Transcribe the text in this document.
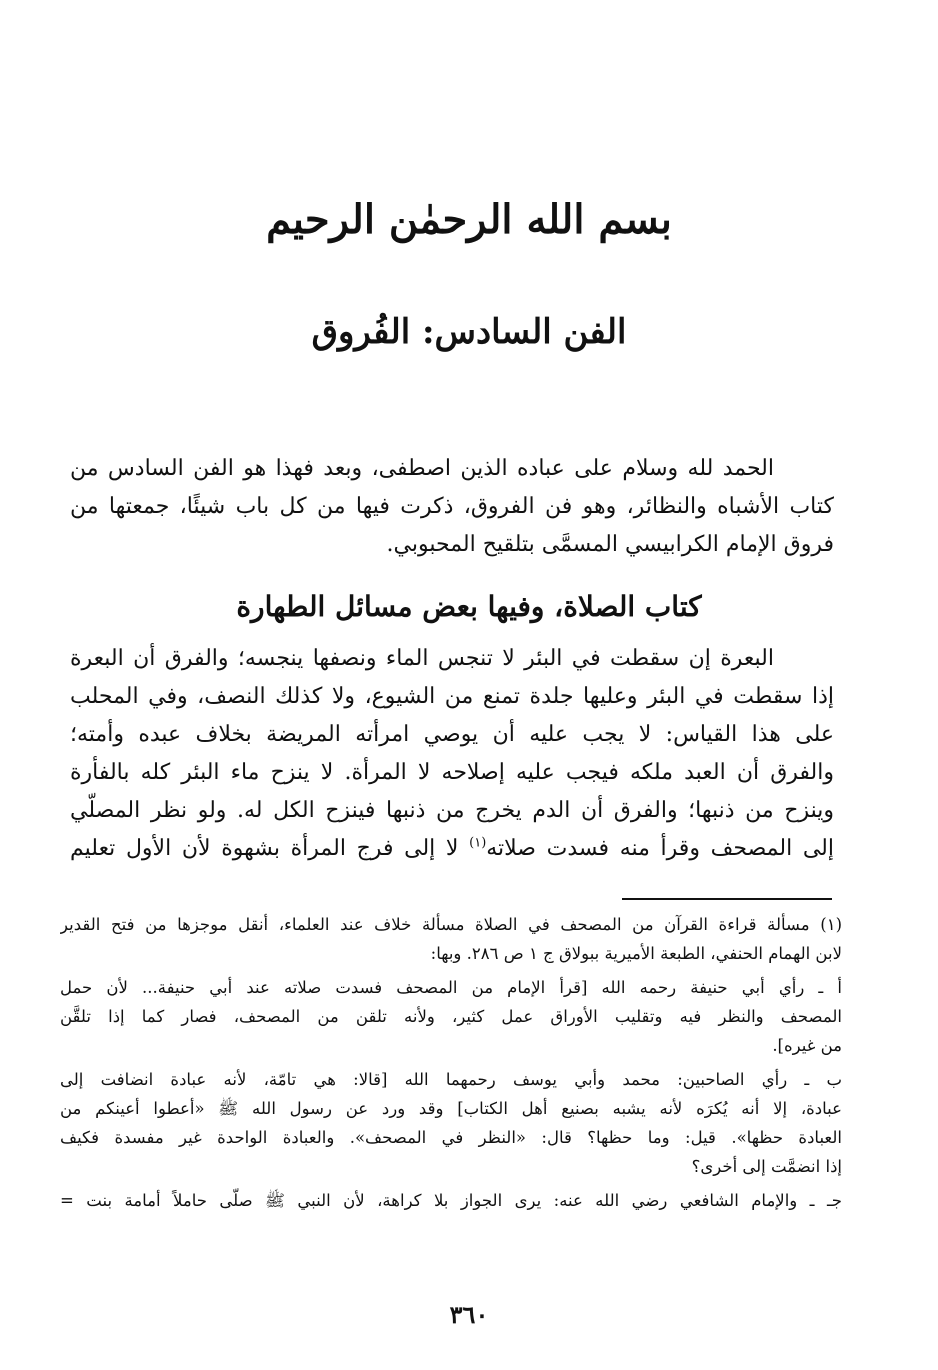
بسم الله الرحمٰن الرحيم
الفن السادس: الفُروق
الحمد لله وسلام على عباده الذين اصطفى، وبعد فهذا هو الفن السادس من
كتاب الأشباه والنظائر، وهو فن الفروق، ذكرت فيها من كل باب شيئًا، جمعتها من
فروق الإمام الكرابيسي المسمَّى بتلقيح المحبوبي.
كتاب الصلاة، وفيها بعض مسائل الطهارة
البعرة إن سقطت في البئر لا تنجس الماء ونصفها ينجسه؛ والفرق أن البعرة
إذا سقطت في البئر وعليها جلدة تمنع من الشيوع، ولا كذلك النصف، وفي المحلب
على هذا القياس: لا يجب عليه أن يوصي امرأته المريضة بخلاف عبده وأمته؛
والفرق أن العبد ملكه فيجب عليه إصلاحه لا المرأة. لا ينزح ماء البئر كله بالفأرة
وينزح من ذنبها؛ والفرق أن الدم يخرج من ذنبها فينزح الكل له. ولو نظر المصلّي
إلى المصحف وقرأ منه فسدت صلاته$^{(١)}$ لا إلى فرج المرأة بشهوة لأن الأول تعليم
(١) مسألة قراءة القرآن من المصحف في الصلاة مسألة خلاف عند العلماء، أنقل موجزها من فتح القدير
لابن الهمام الحنفي، الطبعة الأميرية ببولاق ج ١ ص ٢٨٦. وبها:
أ ـ رأي أبي حنيفة رحمه الله [قرأ الإمام من المصحف فسدت صلاته عند أبي حنيفة... لأن حمل
المصحف والنظر فيه وتقليب الأوراق عمل كثير، ولأنه تلقن من المصحف، فصار كما إذا تلقَّن
من غيره].
ب ـ رأي الصاحبين: محمد وأبي يوسف رحمهما الله [قالا: هي تامّة، لأنه عبادة انضافت إلى
عبادة، إلا أنه يُكرَه لأنه يشبه بصنيع أهل الكتاب] وقد ورد عن رسول الله ﷺ «أعطوا أعينكم من
العبادة حظها». قيل: وما حظها؟ قال: «النظر في المصحف». والعبادة الواحدة غير مفسدة فكيف
إذا انضمَّت إلى أخرى؟
جـ ـ والإمام الشافعي رضي الله عنه: يرى الجواز بلا كراهة، لأن النبي ﷺ صلّى حاملاً أمامة بنت =
٣٦٠
